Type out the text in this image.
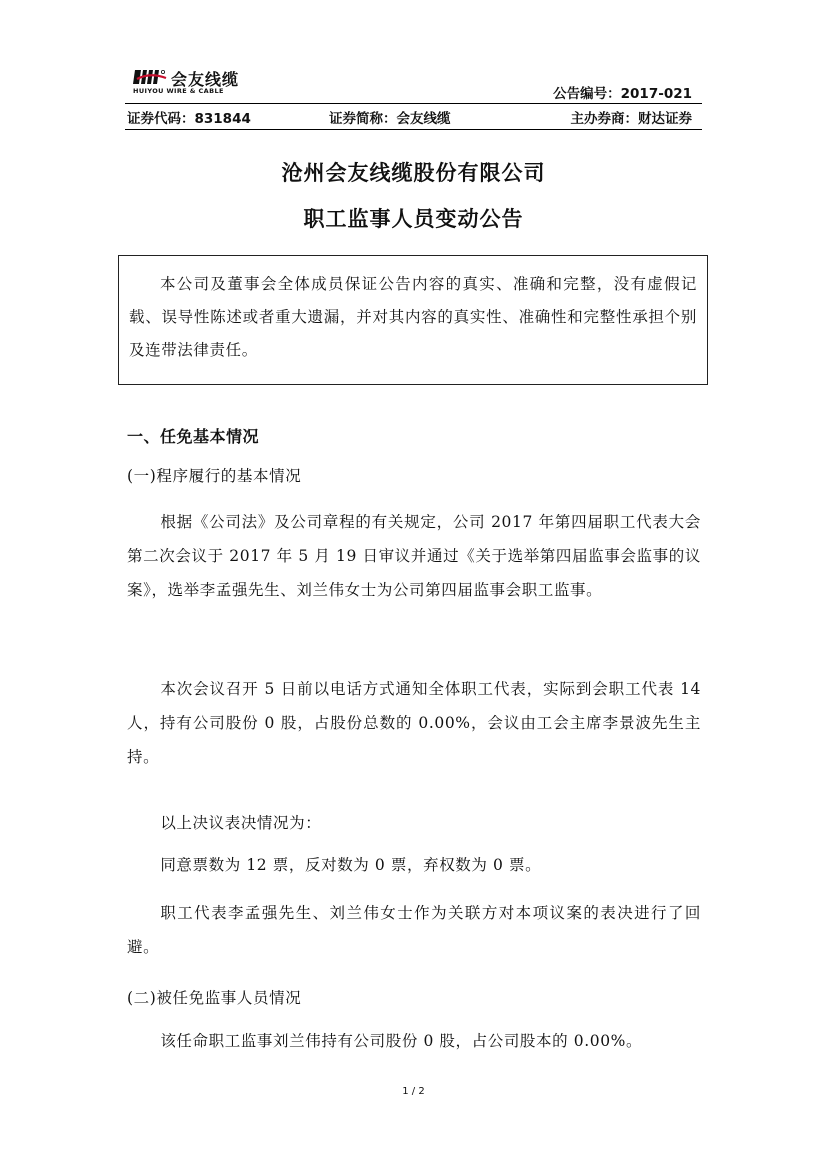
会友线缆
HUIYOU WIRE & CABLE	公告编号：2017-021
证券代码：831844	证券简称：会友线缆	主办券商：财达证券
沧州会友线缆股份有限公司
职工监事人员变动公告
本公司及董事会全体成员保证公告内容的真实、准确和完整，没有虚假记载、误导性陈述或者重大遗漏，并对其内容的真实性、准确性和完整性承担个别及连带法律责任。
一、任免基本情况
(一)程序履行的基本情况
根据《公司法》及公司章程的有关规定，公司 2017 年第四届职工代表大会第二次会议于 2017 年 5 月 19 日审议并通过《关于选举第四届监事会监事的议案》，选举李孟强先生、刘兰伟女士为公司第四届监事会职工监事。
本次会议召开 5 日前以电话方式通知全体职工代表，实际到会职工代表 14 人，持有公司股份 0 股，占股份总数的 0.00%，会议由工会主席李景波先生主持。
以上决议表决情况为：
同意票数为 12 票，反对数为 0 票，弃权数为 0 票。
职工代表李孟强先生、刘兰伟女士作为关联方对本项议案的表决进行了回避。
(二)被任免监事人员情况
该任命职工监事刘兰伟持有公司股份 0 股，占公司股本的 0.00%。
1 / 2
